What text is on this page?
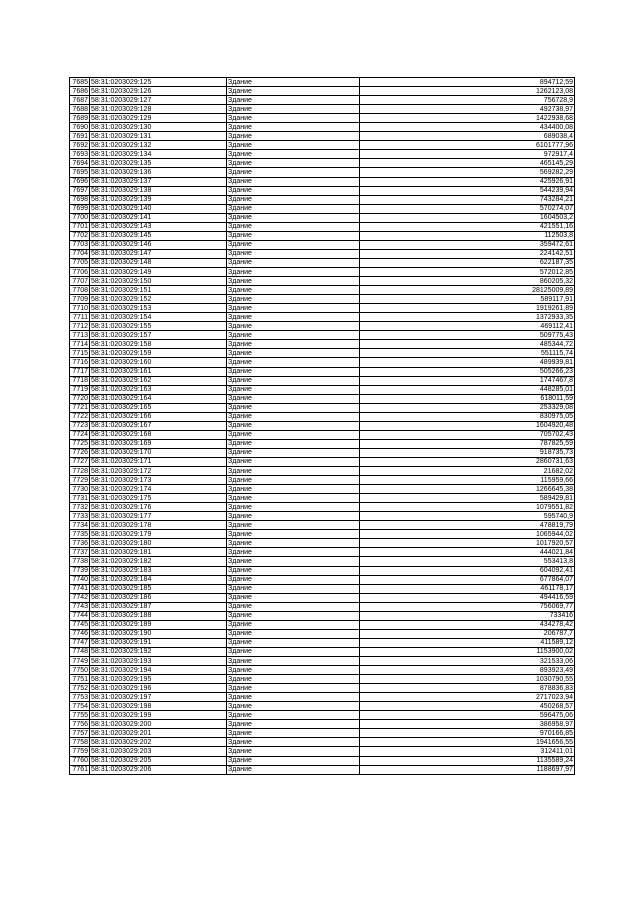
7685	58:31:0203029:125	Здание	894712,59
7686	58:31:0203029:126	Здание	1262123,08
7687	58:31:0203029:127	Здание	756728,9
7688	58:31:0203029:128	Здание	492738,97
7689	58:31:0203029:129	Здание	1422938,68
7690	58:31:0203029:130	Здание	434400,08
7691	58:31:0203029:131	Здание	689038,4
7692	58:31:0203029:132	Здание	6101777,96
7693	58:31:0203029:134	Здание	972917,4
7694	58:31:0203029:135	Здание	465145,29
7695	58:31:0203029:136	Здание	569282,29
7696	58:31:0203029:137	Здание	425926,91
7697	58:31:0203029:138	Здание	544239,94
7698	58:31:0203029:139	Здание	743284,21
7699	58:31:0203029:140	Здание	570274,07
7700	58:31:0203029:141	Здание	1604503,2
7701	58:31:0203029:143	Здание	421551,16
7702	58:31:0203029:145	Здание	112503,8
7703	58:31:0203029:146	Здание	359472,61
7704	58:31:0203029:147	Здание	224142,51
7705	58:31:0203029:148	Здание	622187,35
7706	58:31:0203029:149	Здание	572012,85
7707	58:31:0203029:150	Здание	860205,32
7708	58:31:0203029:151	Здание	28125009,89
7709	58:31:0203029:152	Здание	589117,91
7710	58:31:0203029:153	Здание	1919261,89
7711	58:31:0203029:154	Здание	1372933,35
7712	58:31:0203029:155	Здание	469112,41
7713	58:31:0203029:157	Здание	509775,43
7714	58:31:0203029:158	Здание	485344,72
7715	58:31:0203029:159	Здание	551115,74
7716	58:31:0203029:160	Здание	489939,81
7717	58:31:0203029:161	Здание	505266,23
7718	58:31:0203029:162	Здание	1747467,8
7719	58:31:0203029:163	Здание	448285,01
7720	58:31:0203029:164	Здание	618011,59
7721	58:31:0203029:165	Здание	253329,08
7722	58:31:0203029:166	Здание	830975,05
7723	58:31:0203029:167	Здание	1604920,48
7724	58:31:0203029:168	Здание	705702,43
7725	58:31:0203029:169	Здание	787825,59
7726	58:31:0203029:170	Здание	918735,73
7727	58:31:0203029:171	Здание	2860731,63
7728	58:31:0203029:172	Здание	21682,02
7729	58:31:0203029:173	Здание	115959,66
7730	58:31:0203029:174	Здание	1266645,38
7731	58:31:0203029:175	Здание	589429,81
7732	58:31:0203029:176	Здание	1079551,82
7733	58:31:0203029:177	Здание	595740,9
7734	58:31:0203029:178	Здание	478819,79
7735	58:31:0203029:179	Здание	1065944,02
7736	58:31:0203029:180	Здание	1017920,57
7737	58:31:0203029:181	Здание	444021,84
7738	58:31:0203029:182	Здание	553413,8
7739	58:31:0203029:183	Здание	604092,41
7740	58:31:0203029:184	Здание	677864,07
7741	58:31:0203029:185	Здание	461178,17
7742	58:31:0203029:186	Здание	494416,59
7743	58:31:0203029:187	Здание	756069,77
7744	58:31:0203029:188	Здание	733416
7745	58:31:0203029:189	Здание	434278,42
7746	58:31:0203029:190	Здание	206787,7
7747	58:31:0203029:191	Здание	411589,12
7748	58:31:0203029:192	Здание	1153900,02
7749	58:31:0203029:193	Здание	321533,06
7750	58:31:0203029:194	Здание	893923,49
7751	58:31:0203029:195	Здание	1030790,55
7752	58:31:0203029:196	Здание	878836,83
7753	58:31:0203029:197	Здание	2717023,94
7754	58:31:0203029:198	Здание	450268,57
7755	58:31:0203029:199	Здание	596475,06
7756	58:31:0203029:200	Здание	386958,97
7757	58:31:0203029:201	Здание	970166,85
7758	58:31:0203029:202	Здание	1941656,55
7759	58:31:0203029:203	Здание	312411,01
7760	58:31:0203029:205	Здание	1135589,24
7761	58:31:0203029:206	Здание	1188697,97
